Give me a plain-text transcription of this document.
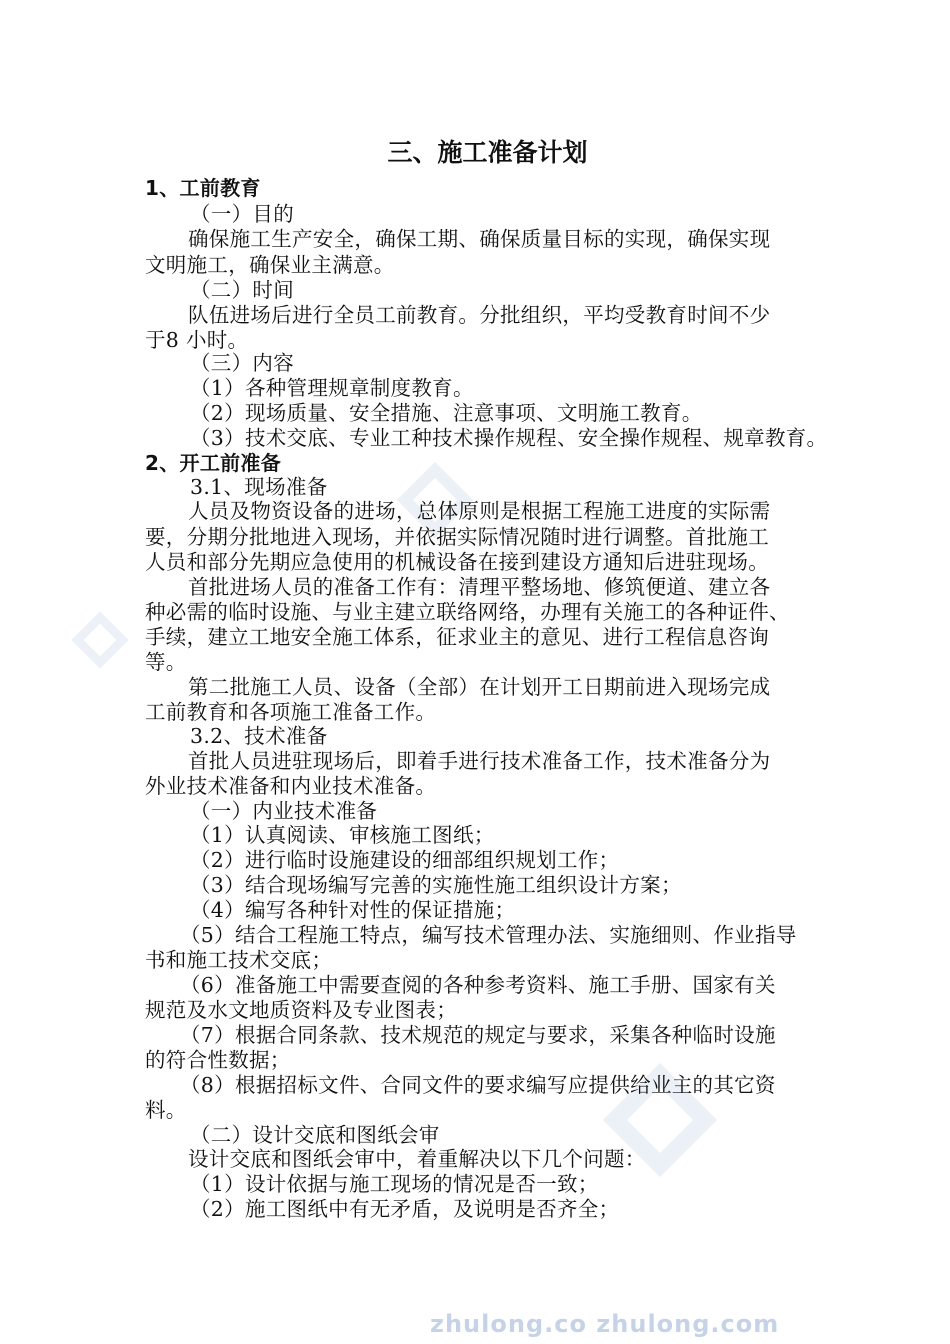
三、施工准备计划
1、工前教育
（一）目的
确保施工生产安全，确保工期、确保质量目标的实现，确保实现
文明施工，确保业主满意。
（二）时间
队伍进场后进行全员工前教育。分批组织，平均受教育时间不少
于8 小时。
（三）内容
（1）各种管理规章制度教育。
（2）现场质量、安全措施、注意事项、文明施工教育。
（3）技术交底、专业工种技术操作规程、安全操作规程、规章教育。
2、开工前准备
3.1、现场准备
人员及物资设备的进场，总体原则是根据工程施工进度的实际需
要，分期分批地进入现场，并依据实际情况随时进行调整。首批施工
人员和部分先期应急使用的机械设备在接到建设方通知后进驻现场。
首批进场人员的准备工作有：清理平整场地、修筑便道、建立各
种必需的临时设施、与业主建立联络网络，办理有关施工的各种证件、
手续，建立工地安全施工体系，征求业主的意见、进行工程信息咨询
等。
第二批施工人员、设备（全部）在计划开工日期前进入现场完成
工前教育和各项施工准备工作。
3.2、技术准备
首批人员进驻现场后，即着手进行技术准备工作，技术准备分为
外业技术准备和内业技术准备。
（一）内业技术准备
（1）认真阅读、审核施工图纸；
（2）进行临时设施建设的细部组织规划工作；
（3）结合现场编写完善的实施性施工组织设计方案；
（4）编写各种针对性的保证措施；
（5）结合工程施工特点，编写技术管理办法、实施细则、作业指导
书和施工技术交底；
（6）准备施工中需要查阅的各种参考资料、施工手册、国家有关
规范及水文地质资料及专业图表；
（7）根据合同条款、技术规范的规定与要求，采集各种临时设施
的符合性数据；
（8）根据招标文件、合同文件的要求编写应提供给业主的其它资
料。
（二）设计交底和图纸会审
设计交底和图纸会审中，着重解决以下几个问题：
（1）设计依据与施工现场的情况是否一致；
（2）施工图纸中有无矛盾，及说明是否齐全；
zhulong.co zhulong.com
